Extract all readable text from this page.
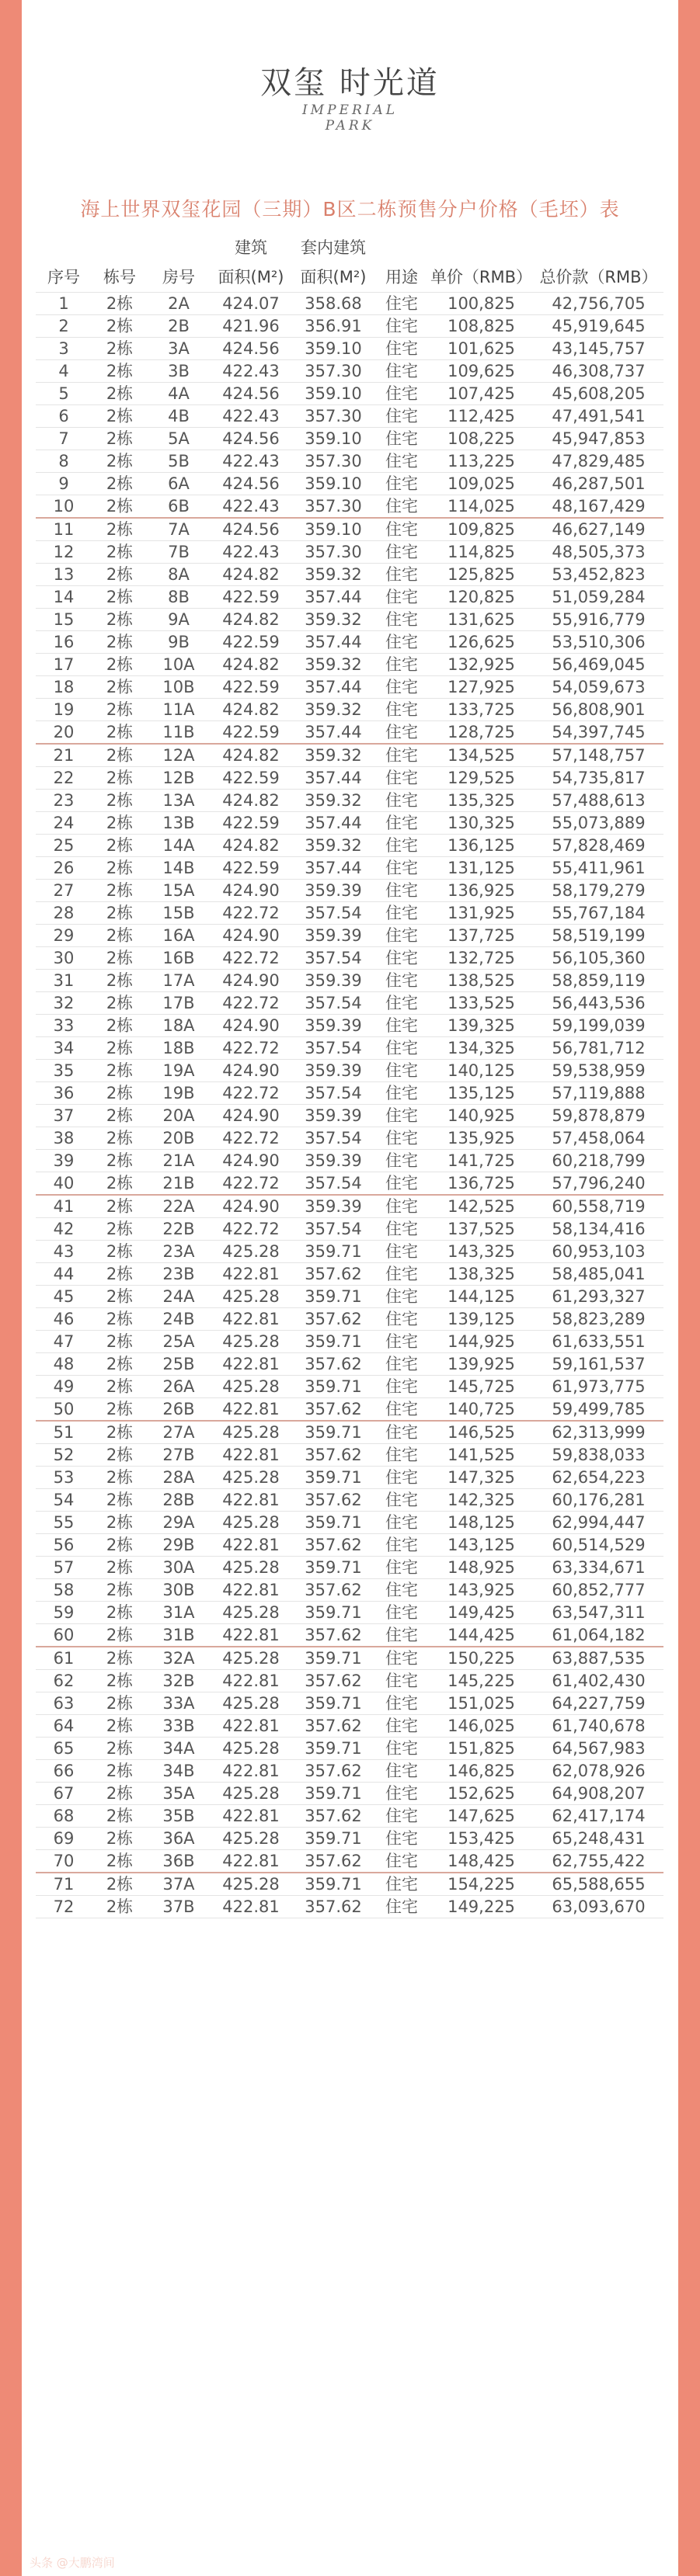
双玺 时光道
IMPERIAL
PARK
海上世界双玺花园（三期）B区二栋预售分户价格（毛坯）表
			建筑	套内建筑			
序号	栋号	房号	面积(M²)	面积(M²)	用途	单价（RMB）	总价款（RMB）
1	2栋	2A	424.07	358.68	住宅	100,825	42,756,705
2	2栋	2B	421.96	356.91	住宅	108,825	45,919,645
3	2栋	3A	424.56	359.10	住宅	101,625	43,145,757
4	2栋	3B	422.43	357.30	住宅	109,625	46,308,737
5	2栋	4A	424.56	359.10	住宅	107,425	45,608,205
6	2栋	4B	422.43	357.30	住宅	112,425	47,491,541
7	2栋	5A	424.56	359.10	住宅	108,225	45,947,853
8	2栋	5B	422.43	357.30	住宅	113,225	47,829,485
9	2栋	6A	424.56	359.10	住宅	109,025	46,287,501
10	2栋	6B	422.43	357.30	住宅	114,025	48,167,429
11	2栋	7A	424.56	359.10	住宅	109,825	46,627,149
12	2栋	7B	422.43	357.30	住宅	114,825	48,505,373
13	2栋	8A	424.82	359.32	住宅	125,825	53,452,823
14	2栋	8B	422.59	357.44	住宅	120,825	51,059,284
15	2栋	9A	424.82	359.32	住宅	131,625	55,916,779
16	2栋	9B	422.59	357.44	住宅	126,625	53,510,306
17	2栋	10A	424.82	359.32	住宅	132,925	56,469,045
18	2栋	10B	422.59	357.44	住宅	127,925	54,059,673
19	2栋	11A	424.82	359.32	住宅	133,725	56,808,901
20	2栋	11B	422.59	357.44	住宅	128,725	54,397,745
21	2栋	12A	424.82	359.32	住宅	134,525	57,148,757
22	2栋	12B	422.59	357.44	住宅	129,525	54,735,817
23	2栋	13A	424.82	359.32	住宅	135,325	57,488,613
24	2栋	13B	422.59	357.44	住宅	130,325	55,073,889
25	2栋	14A	424.82	359.32	住宅	136,125	57,828,469
26	2栋	14B	422.59	357.44	住宅	131,125	55,411,961
27	2栋	15A	424.90	359.39	住宅	136,925	58,179,279
28	2栋	15B	422.72	357.54	住宅	131,925	55,767,184
29	2栋	16A	424.90	359.39	住宅	137,725	58,519,199
30	2栋	16B	422.72	357.54	住宅	132,725	56,105,360
31	2栋	17A	424.90	359.39	住宅	138,525	58,859,119
32	2栋	17B	422.72	357.54	住宅	133,525	56,443,536
33	2栋	18A	424.90	359.39	住宅	139,325	59,199,039
34	2栋	18B	422.72	357.54	住宅	134,325	56,781,712
35	2栋	19A	424.90	359.39	住宅	140,125	59,538,959
36	2栋	19B	422.72	357.54	住宅	135,125	57,119,888
37	2栋	20A	424.90	359.39	住宅	140,925	59,878,879
38	2栋	20B	422.72	357.54	住宅	135,925	57,458,064
39	2栋	21A	424.90	359.39	住宅	141,725	60,218,799
40	2栋	21B	422.72	357.54	住宅	136,725	57,796,240
41	2栋	22A	424.90	359.39	住宅	142,525	60,558,719
42	2栋	22B	422.72	357.54	住宅	137,525	58,134,416
43	2栋	23A	425.28	359.71	住宅	143,325	60,953,103
44	2栋	23B	422.81	357.62	住宅	138,325	58,485,041
45	2栋	24A	425.28	359.71	住宅	144,125	61,293,327
46	2栋	24B	422.81	357.62	住宅	139,125	58,823,289
47	2栋	25A	425.28	359.71	住宅	144,925	61,633,551
48	2栋	25B	422.81	357.62	住宅	139,925	59,161,537
49	2栋	26A	425.28	359.71	住宅	145,725	61,973,775
50	2栋	26B	422.81	357.62	住宅	140,725	59,499,785
51	2栋	27A	425.28	359.71	住宅	146,525	62,313,999
52	2栋	27B	422.81	357.62	住宅	141,525	59,838,033
53	2栋	28A	425.28	359.71	住宅	147,325	62,654,223
54	2栋	28B	422.81	357.62	住宅	142,325	60,176,281
55	2栋	29A	425.28	359.71	住宅	148,125	62,994,447
56	2栋	29B	422.81	357.62	住宅	143,125	60,514,529
57	2栋	30A	425.28	359.71	住宅	148,925	63,334,671
58	2栋	30B	422.81	357.62	住宅	143,925	60,852,777
59	2栋	31A	425.28	359.71	住宅	149,425	63,547,311
60	2栋	31B	422.81	357.62	住宅	144,425	61,064,182
61	2栋	32A	425.28	359.71	住宅	150,225	63,887,535
62	2栋	32B	422.81	357.62	住宅	145,225	61,402,430
63	2栋	33A	425.28	359.71	住宅	151,025	64,227,759
64	2栋	33B	422.81	357.62	住宅	146,025	61,740,678
65	2栋	34A	425.28	359.71	住宅	151,825	64,567,983
66	2栋	34B	422.81	357.62	住宅	146,825	62,078,926
67	2栋	35A	425.28	359.71	住宅	152,625	64,908,207
68	2栋	35B	422.81	357.62	住宅	147,625	62,417,174
69	2栋	36A	425.28	359.71	住宅	153,425	65,248,431
70	2栋	36B	422.81	357.62	住宅	148,425	62,755,422
71	2栋	37A	425.28	359.71	住宅	154,225	65,588,655
72	2栋	37B	422.81	357.62	住宅	149,225	63,093,670
头条 @大鹏湾间
